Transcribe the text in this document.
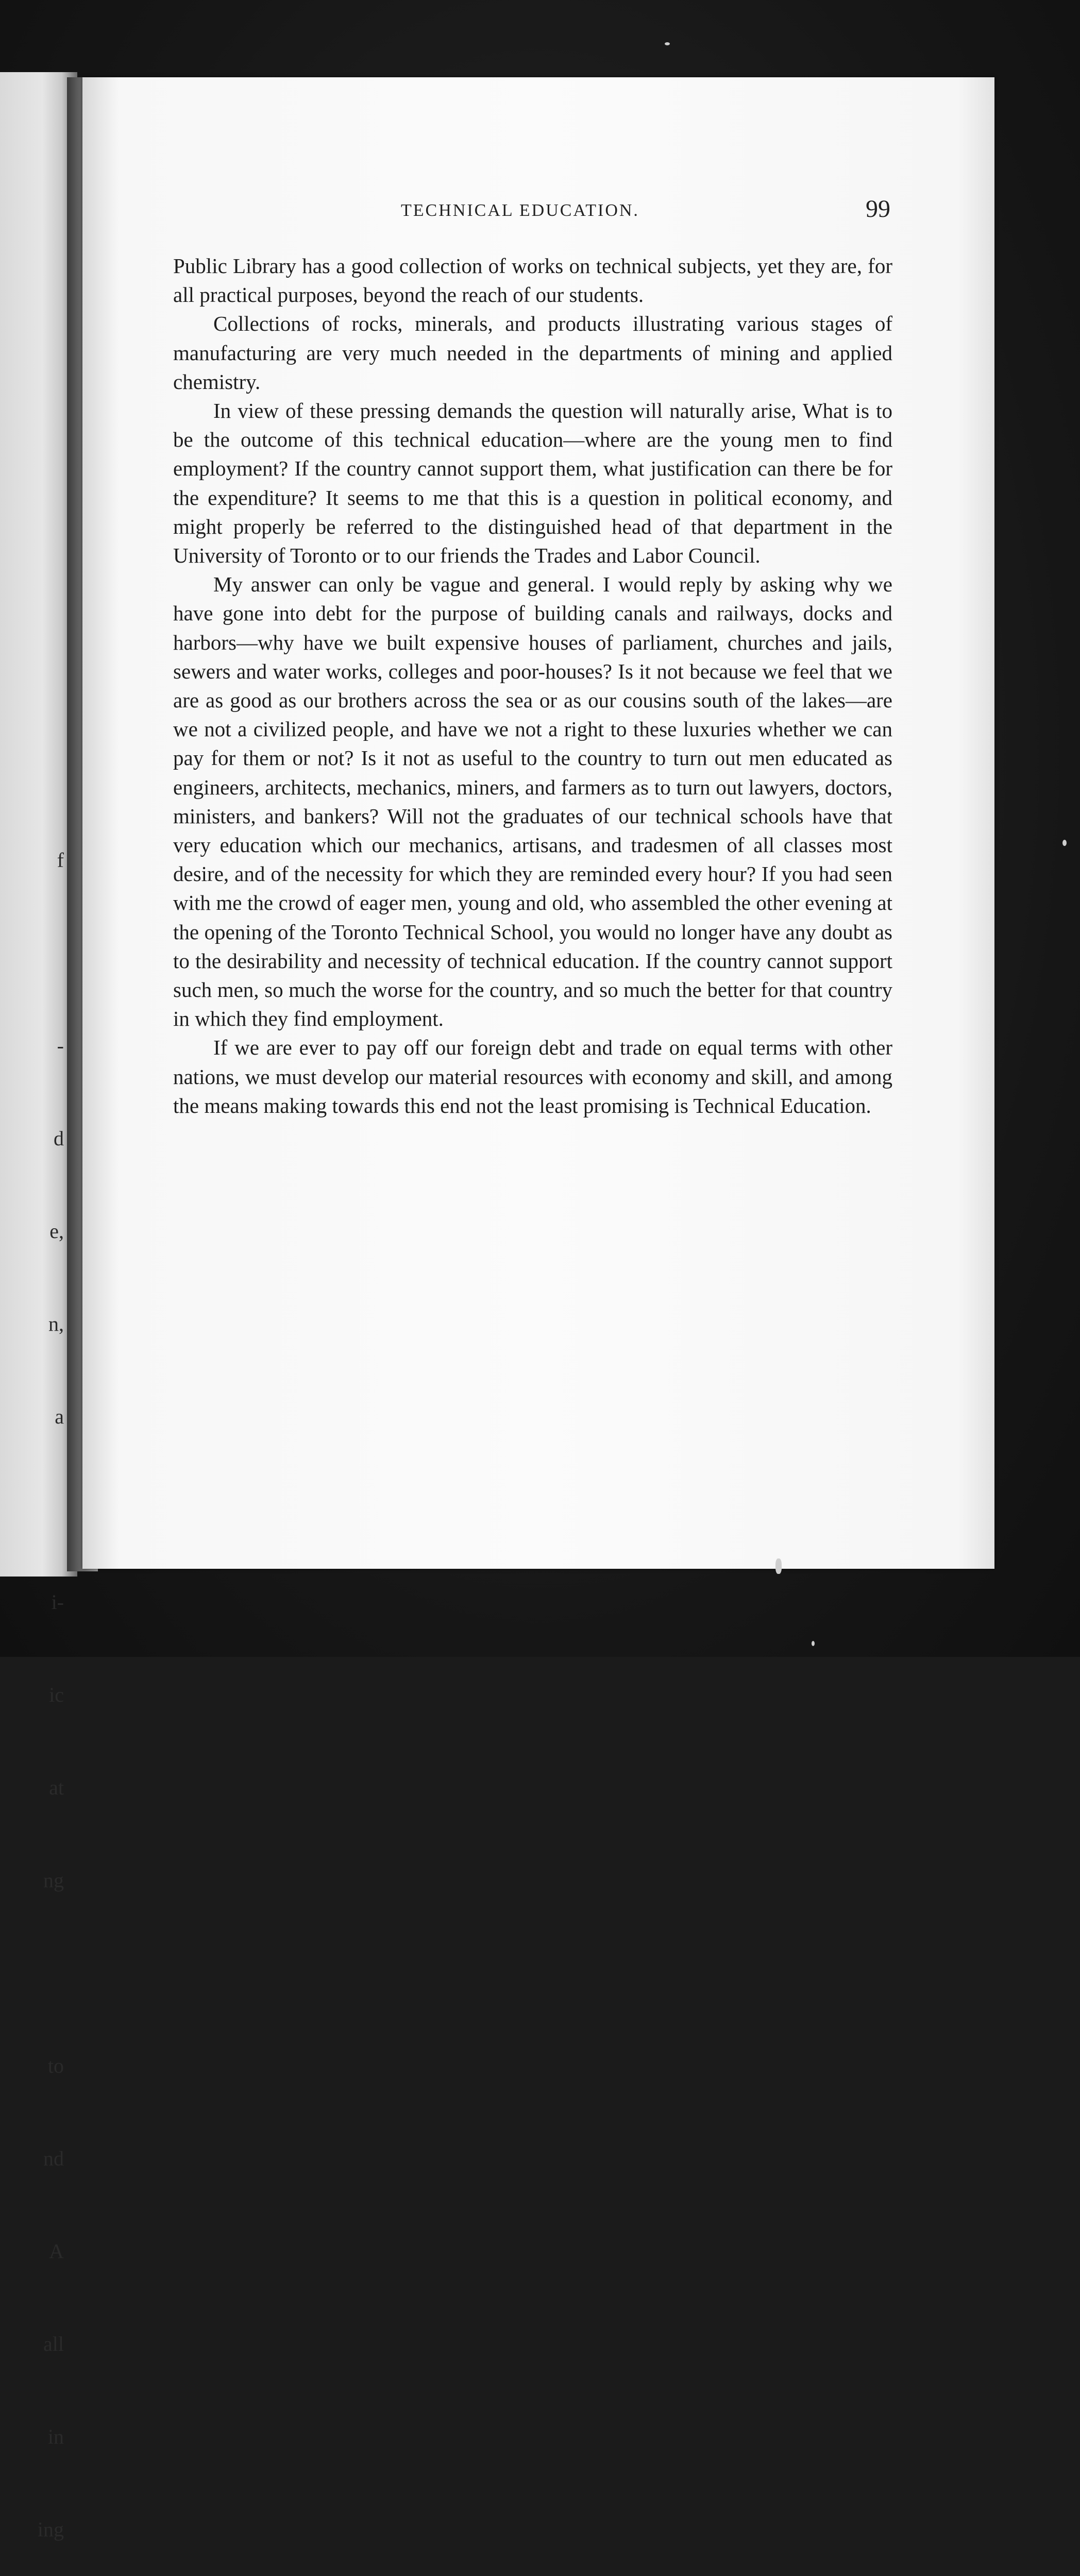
f

-

d

e,

n,

a

i-

ic

at

ng

to

nd

A

all

in

ing

TECHNICAL EDUCATION.	99

Public Library has a good collection of works on technical subjects, yet they are, for all practical purposes, beyond the reach of our students.

Collections of rocks, minerals, and products illustrating various stages of manufacturing are very much needed in the departments of mining and applied chemistry.

In view of these pressing demands the question will naturally arise, What is to be the outcome of this technical education—where are the young men to find employment? If the country cannot support them, what justification can there be for the expenditure? It seems to me that this is a question in political economy, and might properly be referred to the distinguished head of that department in the University of Toronto or to our friends the Trades and Labor Council.

My answer can only be vague and general. I would reply by asking why we have gone into debt for the purpose of building canals and railways, docks and harbors—why have we built expensive houses of parliament, churches and jails, sewers and water works, colleges and poor-houses? Is it not because we feel that we are as good as our brothers across the sea or as our cousins south of the lakes—are we not a civilized people, and have we not a right to these luxuries whether we can pay for them or not? Is it not as useful to the country to turn out men educated as engineers, architects, mechanics, miners, and farmers as to turn out lawyers, doctors, ministers, and bankers? Will not the graduates of our technical schools have that very education which our mechanics, artisans, and tradesmen of all classes most desire, and of the necessity for which they are reminded every hour? If you had seen with me the crowd of eager men, young and old, who assembled the other evening at the opening of the Toronto Technical School, you would no longer have any doubt as to the desirability and necessity of technical education. If the country cannot support such men, so much the worse for the country, and so much the better for that country in which they find employment.

If we are ever to pay off our foreign debt and trade on equal terms with other nations, we must develop our material resources with economy and skill, and among the means making towards this end not the least promising is Technical Education.
